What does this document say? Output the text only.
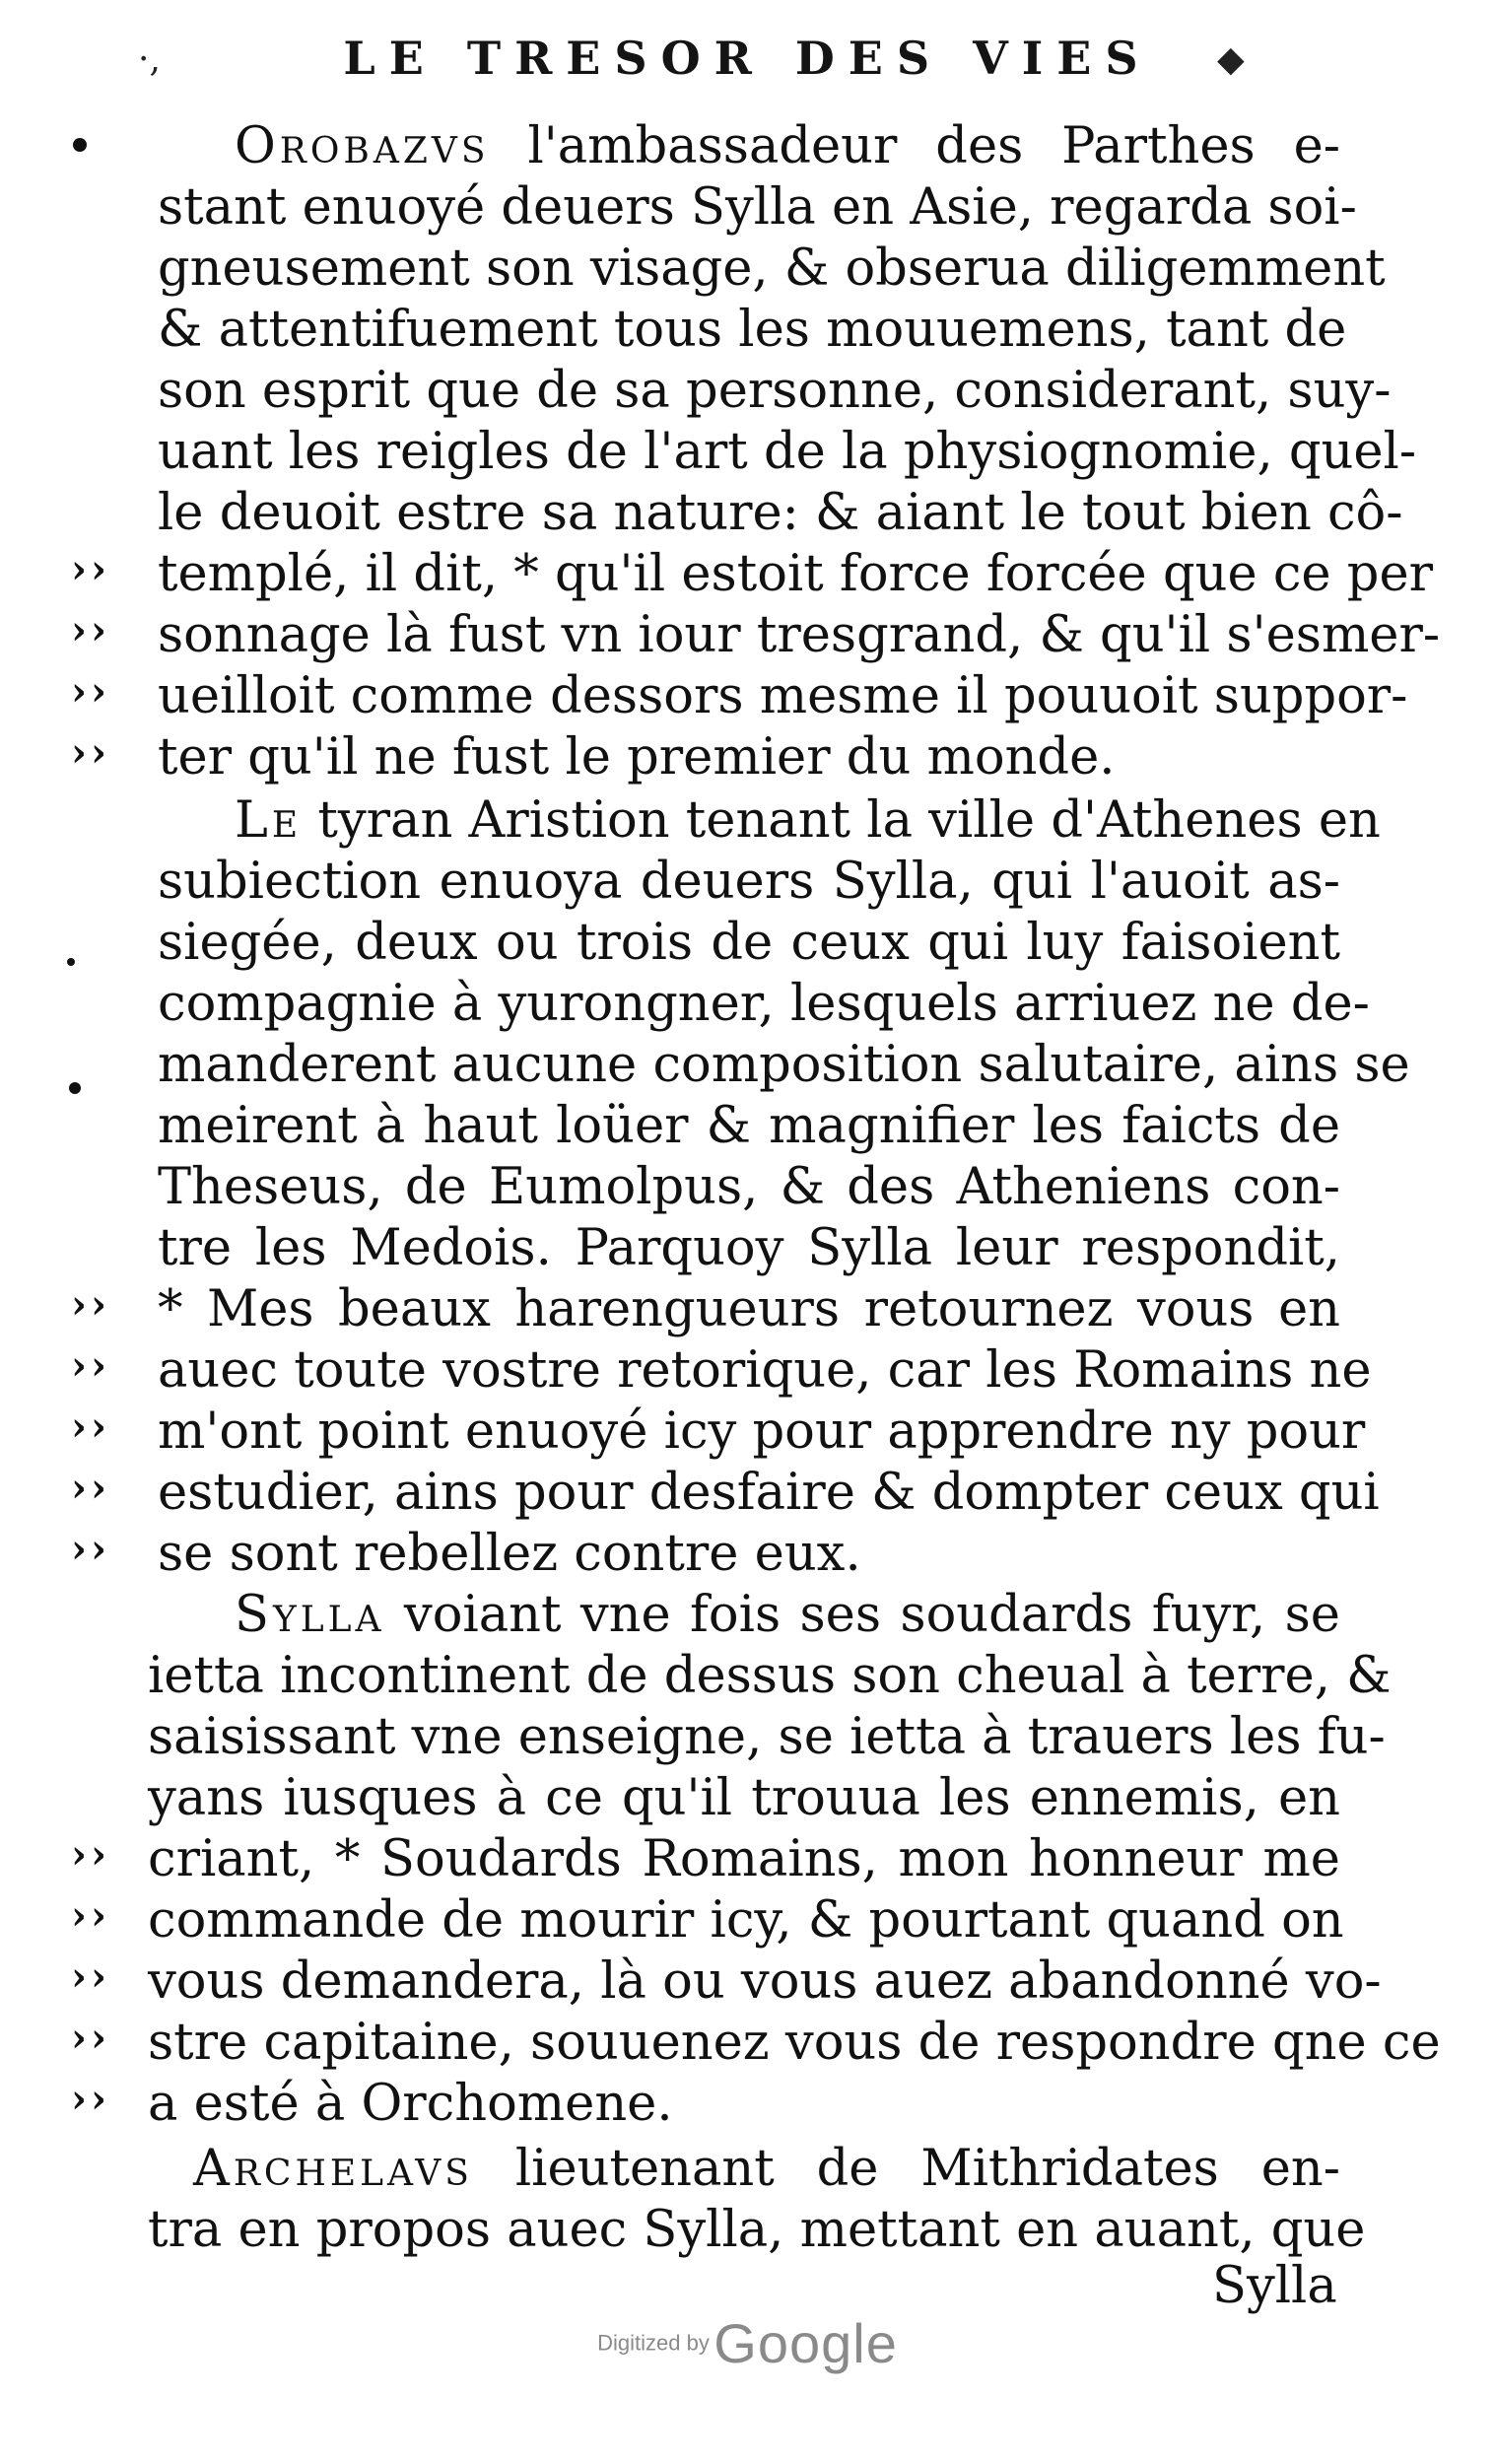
·,	LE TRESOR DES VIES	◆
Orobazvs l'ambassadeur des Parthes e-
stant enuoyé deuers Sylla en Asie, regarda soi-
gneusement son visage, & obserua diligemment
& attentifuement tous les mouuemens, tant de
son esprit que de sa personne, considerant, suy-
uant les reigles de l'art de la physiognomie, quel-
le deuoit estre sa nature: & aiant le tout bien cô-
templé, il dit, * qu'il estoit force forcée que ce per
sonnage là fust vn iour tresgrand, & qu'il s'esmer-
ueilloit comme dessors mesme il pouuoit suppor-
ter qu'il ne fust le premier du monde.
››
››
››
››
Le tyran Aristion tenant la ville d'Athenes en
subiection enuoya deuers Sylla, qui l'auoit as-
siegée, deux ou trois de ceux qui luy faisoient
compagnie à yurongner, lesquels arriuez ne de-
manderent aucune composition salutaire, ains se
meirent à haut loüer & magnifier les faicts de
Theseus, de Eumolpus, & des Atheniens con-
tre les Medois. Parquoy Sylla leur respondit,
* Mes beaux harengueurs retournez vous en
auec toute vostre retorique, car les Romains ne
m'ont point enuoyé icy pour apprendre ny pour
estudier, ains pour desfaire & dompter ceux qui
se sont rebellez contre eux.
››
››
››
››
››
Sylla voiant vne fois ses soudards fuyr, se
ietta incontinent de dessus son cheual à terre, &
saisissant vne enseigne, se ietta à trauers les fu-
yans iusques à ce qu'il trouua les ennemis, en
criant, * Soudards Romains, mon honneur me
commande de mourir icy, & pourtant quand on
vous demandera, là ou vous auez abandonné vo-
stre capitaine, souuenez vous de respondre qne ce
a esté à Orchomene.
››
››
››
››
››
Archelavs lieutenant de Mithridates en-
tra en propos auec Sylla, mettant en auant, que
Sylla
Digitized by Google
